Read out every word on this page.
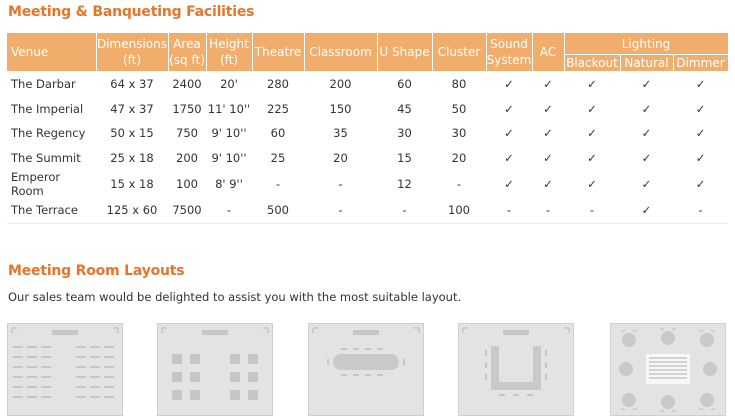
Meeting & Banqueting Facilities
Venue	Dimensions (ft)	Area (sq ft)	Height (ft)	Theatre	Classroom	U Shape	Cluster	Sound System	AC	Lighting		
										Blackout	Natural	Dimmer
The Darbar	64 x 37	2400	20'	280	200	60	80	✓	✓	✓	✓	✓
The Imperial	47 x 37	1750	11' 10''	225	150	45	50	✓	✓	✓	✓	✓
The Regency	50 x 15	750	9' 10''	60	35	30	30	✓	✓	✓	✓	✓
The Summit	25 x 18	200	9' 10''	25	20	15	20	✓	✓	✓	✓	✓
Emperor Room	15 x 18	100	8' 9''	-	-	12	-	✓	✓	✓	✓	✓
The Terrace	125 x 60	7500	-	500	-	-	100	-	-	-	✓	-
Meeting Room Layouts
Our sales team would be delighted to assist you with the most suitable layout.
